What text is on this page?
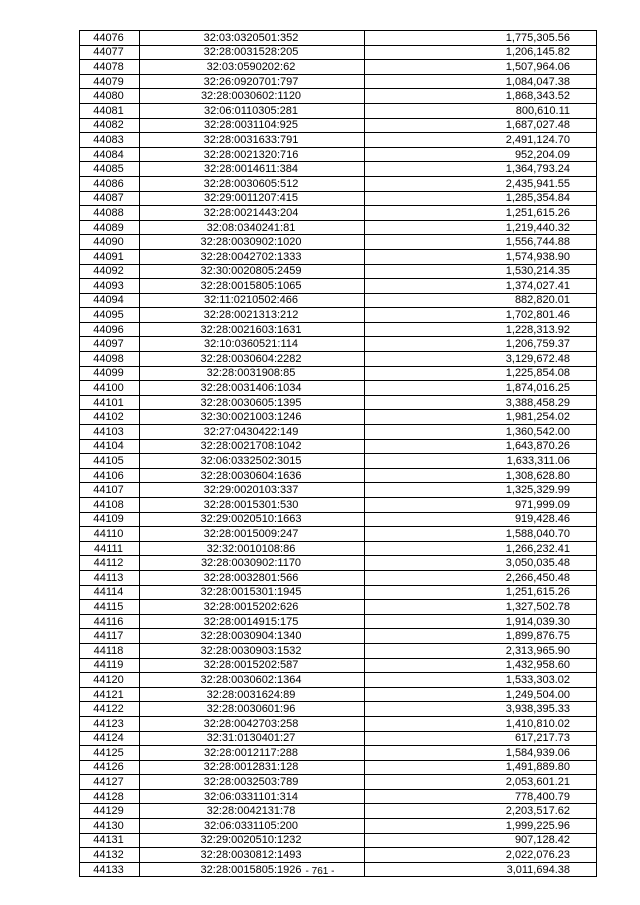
44076	32:03:0320501:352	1,775,305.56
44077	32:28:0031528:205	1,206,145.82
44078	32:03:0590202:62	1,507,964.06
44079	32:26:0920701:797	1,084,047.38
44080	32:28:0030602:1120	1,868,343.52
44081	32:06:0110305:281	800,610.11
44082	32:28:0031104:925	1,687,027.48
44083	32:28:0031633:791	2,491,124.70
44084	32:28:0021320:716	952,204.09
44085	32:28:0014611:384	1,364,793.24
44086	32:28:0030605:512	2,435,941.55
44087	32:29:0011207:415	1,285,354.84
44088	32:28:0021443:204	1,251,615.26
44089	32:08:0340241:81	1,219,440.32
44090	32:28:0030902:1020	1,556,744.88
44091	32:28:0042702:1333	1,574,938.90
44092	32:30:0020805:2459	1,530,214.35
44093	32:28:0015805:1065	1,374,027.41
44094	32:11:0210502:466	882,820.01
44095	32:28:0021313:212	1,702,801.46
44096	32:28:0021603:1631	1,228,313.92
44097	32:10:0360521:114	1,206,759.37
44098	32:28:0030604:2282	3,129,672.48
44099	32:28:0031908:85	1,225,854.08
44100	32:28:0031406:1034	1,874,016.25
44101	32:28:0030605:1395	3,388,458.29
44102	32:30:0021003:1246	1,981,254.02
44103	32:27:0430422:149	1,360,542.00
44104	32:28:0021708:1042	1,643,870.26
44105	32:06:0332502:3015	1,633,311.06
44106	32:28:0030604:1636	1,308,628.80
44107	32:29:0020103:337	1,325,329.99
44108	32:28:0015301:530	971,999.09
44109	32:29:0020510:1663	919,428.46
44110	32:28:0015009:247	1,588,040.70
44111	32:32:0010108:86	1,266,232.41
44112	32:28:0030902:1170	3,050,035.48
44113	32:28:0032801:566	2,266,450.48
44114	32:28:0015301:1945	1,251,615.26
44115	32:28:0015202:626	1,327,502.78
44116	32:28:0014915:175	1,914,039.30
44117	32:28:0030904:1340	1,899,876.75
44118	32:28:0030903:1532	2,313,965.90
44119	32:28:0015202:587	1,432,958.60
44120	32:28:0030602:1364	1,533,303.02
44121	32:28:0031624:89	1,249,504.00
44122	32:28:0030601:96	3,938,395.33
44123	32:28:0042703:258	1,410,810.02
44124	32:31:0130401:27	617,217.73
44125	32:28:0012117:288	1,584,939.06
44126	32:28:0012831:128	1,491,889.80
44127	32:28:0032503:789	2,053,601.21
44128	32:06:0331101:314	778,400.79
44129	32:28:0042131:78	2,203,517.62
44130	32:06:0331105:200	1,999,225.96
44131	32:29:0020510:1232	907,128.42
44132	32:28:0030812:1493	2,022,076.23
44133	32:28:0015805:1926	3,011,694.38
- 761 -
